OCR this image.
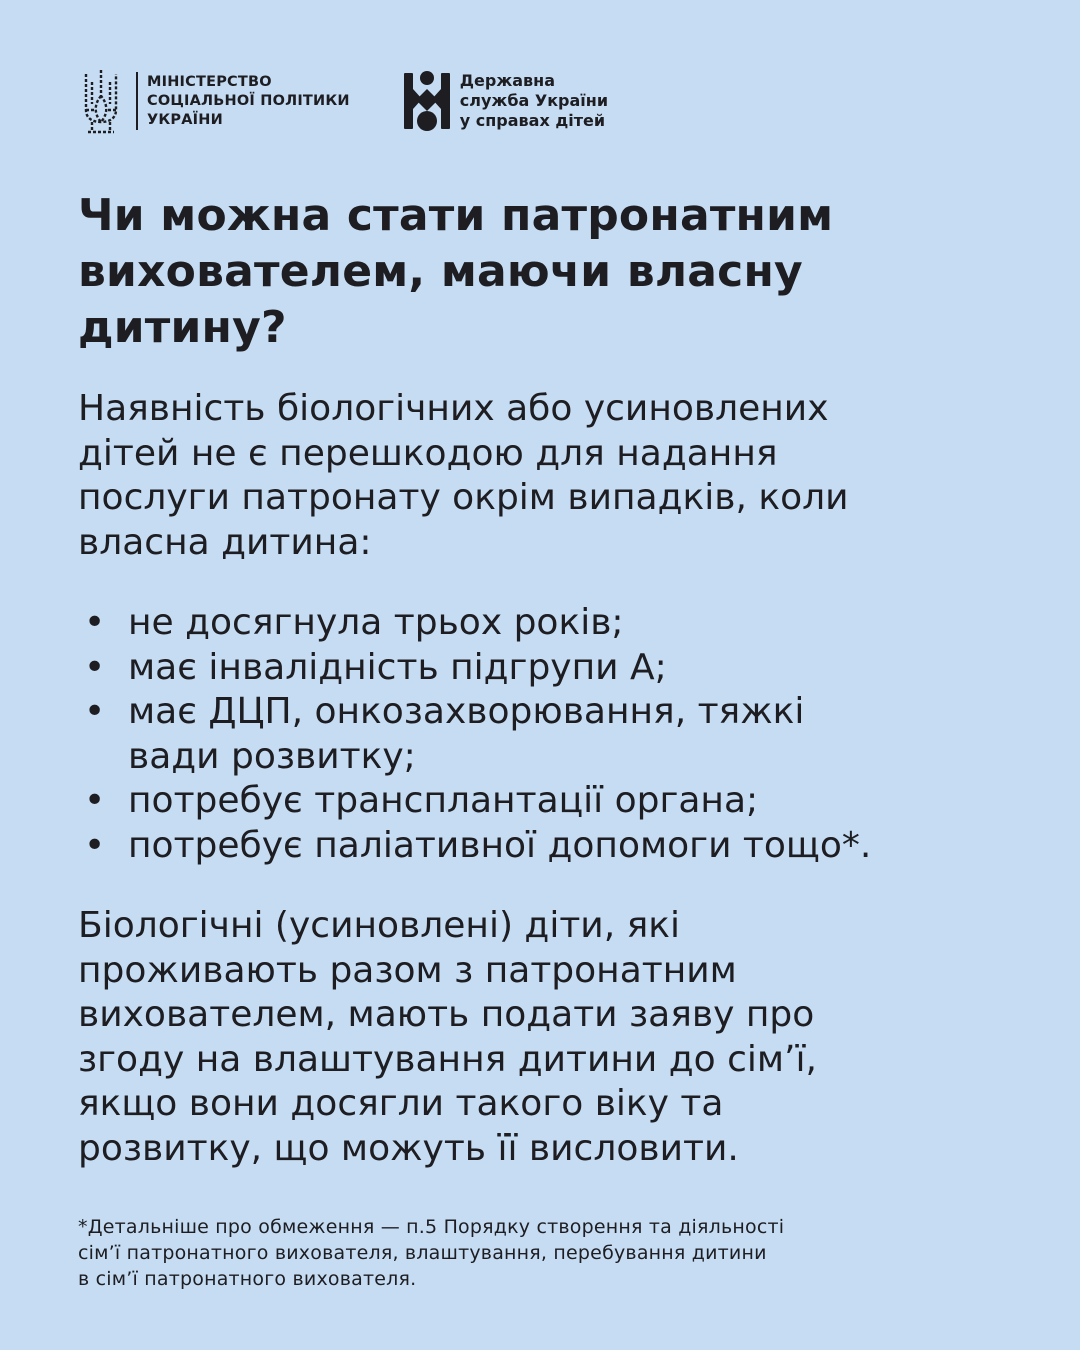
МІНІСТЕРСТВО
СОЦІАЛЬНОЇ ПОЛІТИКИ
УКРАЇНИ
Державна
служба України
у справах дітей
Чи можна стати патронатним
вихователем, маючи власну
дитину?
Наявність біологічних або усиновлених
дітей не є перешкодою для надання
послуги патронату окрім випадків, коли
власна дитина:
• не досягнула трьох років;
• має інвалідність підгрупи А;
• має ДЦП, онкозахворювання, тяжкі
вади розвитку;
• потребує трансплантації органа;
• потребує паліативної допомоги тощо*.
Біологічні (усиновлені) діти, які
проживають разом з патронатним
вихователем, мають подати заяву про
згоду на влаштування дитини до сім’ї,
якщо вони досягли такого віку та
розвитку, що можуть її висловити.
*Детальніше про обмеження — п.5 Порядку створення та діяльності
сім’ї патронатного вихователя, влаштування, перебування дитини
в сім’ї патронатного вихователя.
